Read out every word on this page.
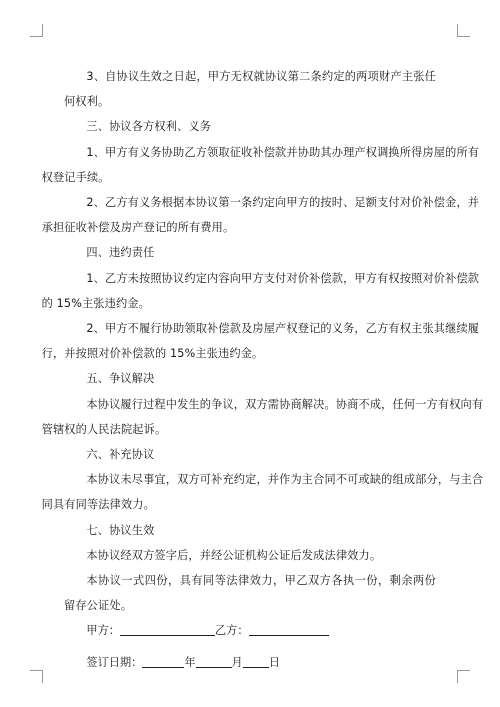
3、自协议生效之日起，甲方无权就协议第二条约定的两项财产主张任何权利。

三、协议各方权利、义务

1、甲方有义务协助乙方领取征收补偿款并协助其办理产权调换所得房屋的所有
权登记手续。

2、乙方有义务根据本协议第一条约定向甲方的按时、足额支付对价补偿金，并
承担征收补偿及房产登记的所有费用。

四、违约责任

1、乙方未按照协议约定内容向甲方支付对价补偿款，甲方有权按照对价补偿款
的 15%主张违约金。

2、甲方不履行协助领取补偿款及房屋产权登记的义务，乙方有权主张其继续履
行，并按照对价补偿款的 15%主张违约金。

五、争议解决

本协议履行过程中发生的争议，双方需协商解决。协商不成，任何一方有权向有
管辖权的人民法院起诉。

六、补充协议

本协议未尽事宜，双方可补充约定，并作为主合同不可或缺的组成部分，与主合
同具有同等法律效力。

七、协议生效

本协议经双方签字后，并经公证机构公证后发成法律效力。

本协议一式四份，具有同等法律效力，甲乙双方各执一份，剩余两份留存公证处。

甲方：	乙方：

签订日期：	年	月 日
